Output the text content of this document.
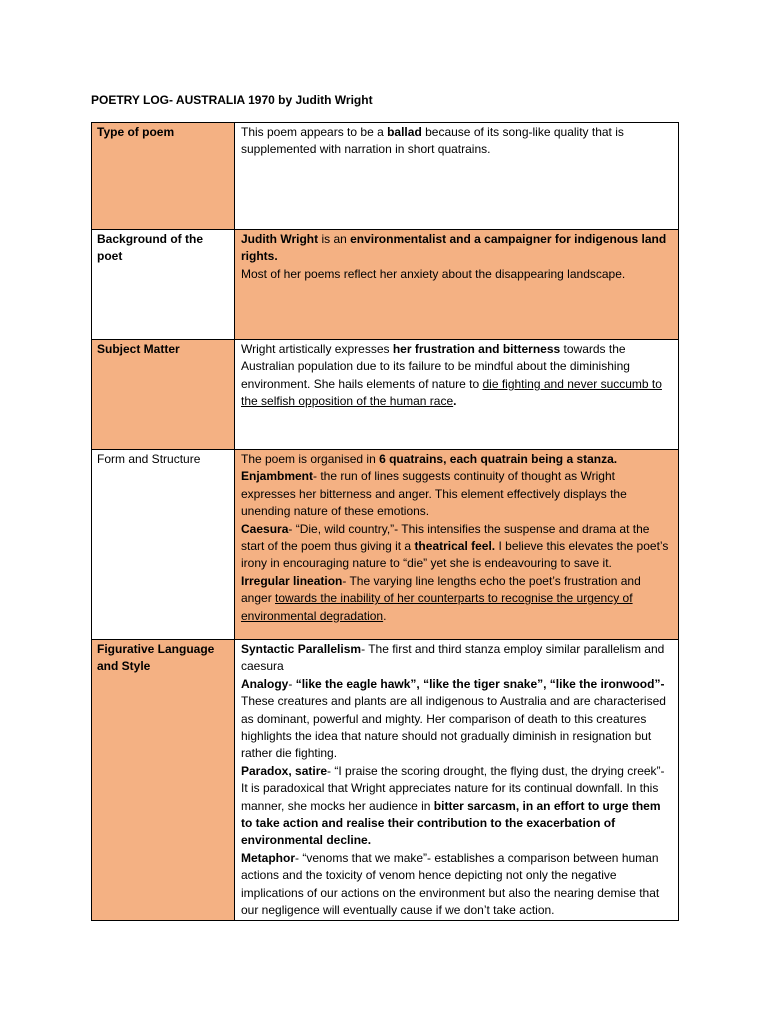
POETRY LOG- AUSTRALIA 1970 by Judith Wright
Type of poem	This poem appears to be a ballad because of its song-like quality that is supplemented with narration in short quatrains.

Background of the poet	Judith Wright is an environmentalist and a campaigner for indigenous land rights.
Most of her poems reflect her anxiety about the disappearing landscape.

Subject Matter	Wright artistically expresses her frustration and bitterness towards the Australian population due to its failure to be mindful about the diminishing environment. She hails elements of nature to die fighting and never succumb to the selfish opposition of the human race.

Form and Structure	The poem is organised in 6 quatrains, each quatrain being a stanza.
Enjambment- the run of lines suggests continuity of thought as Wright expresses her bitterness and anger. This element effectively displays the unending nature of these emotions.
Caesura- “Die, wild country,”- This intensifies the suspense and drama at the start of the poem thus giving it a theatrical feel. I believe this elevates the poet’s irony in encouraging nature to “die” yet she is endeavouring to save it.
Irregular lineation- The varying line lengths echo the poet’s frustration and anger towards the inability of her counterparts to recognise the urgency of environmental degradation.

Figurative Language and Style	Syntactic Parallelism- The first and third stanza employ similar parallelism and caesura
Analogy- “like the eagle hawk”, “like the tiger snake”, “like the ironwood”- These creatures and plants are all indigenous to Australia and are characterised as dominant, powerful and mighty. Her comparison of death to this creatures highlights the idea that nature should not gradually diminish in resignation but rather die fighting.
Paradox, satire- “I praise the scoring drought, the flying dust, the drying creek”- It is paradoxical that Wright appreciates nature for its continual downfall. In this manner, she mocks her audience in bitter sarcasm, in an effort to urge them to take action and realise their contribution to the exacerbation of environmental decline.
Metaphor- “venoms that we make”- establishes a comparison between human actions and the toxicity of venom hence depicting not only the negative implications of our actions on the environment but also the nearing demise that our negligence will eventually cause if we don’t take action.
